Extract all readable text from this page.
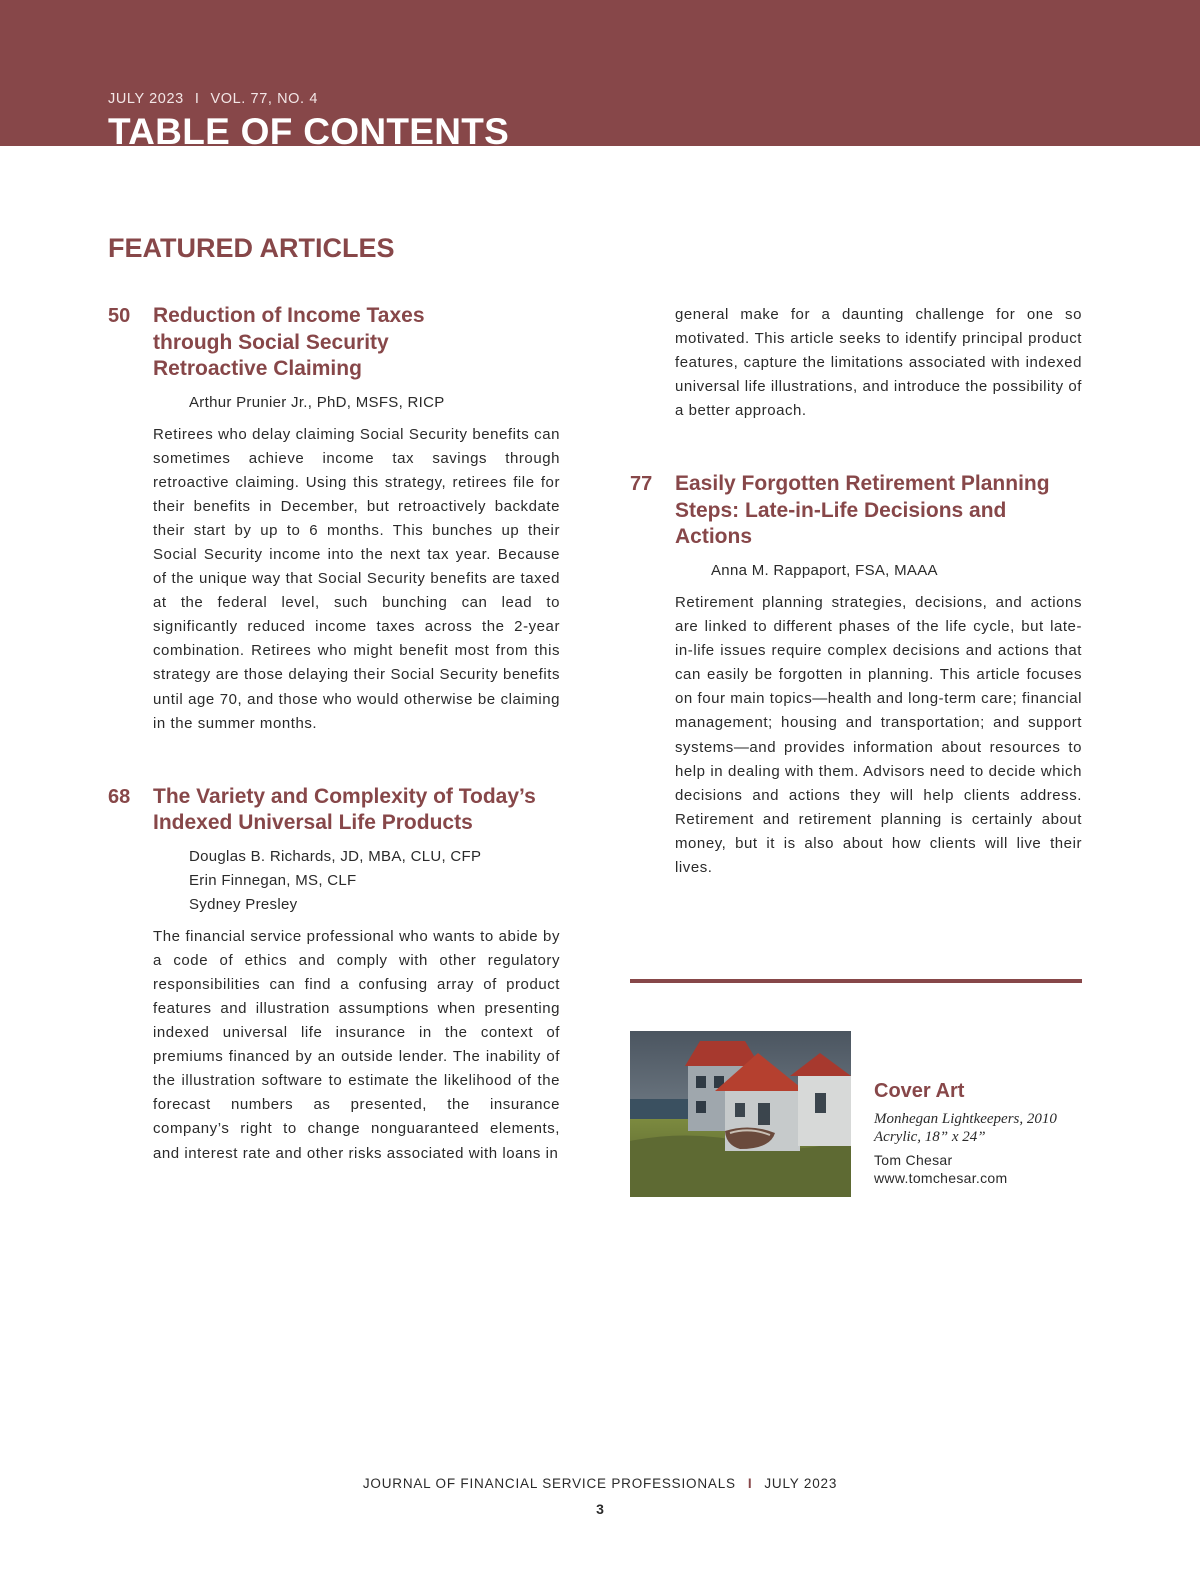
JULY 2023 I VOL. 77, NO. 4
TABLE OF CONTENTS
FEATURED ARTICLES
50 Reduction of Income Taxes through Social Security Retroactive Claiming
Arthur Prunier Jr., PhD, MSFS, RICP

Retirees who delay claiming Social Security benefits can sometimes achieve income tax savings through retroactive claiming. Using this strategy, retirees file for their benefits in December, but retroactively backdate their start by up to 6 months. This bunches up their Social Security income into the next tax year. Because of the unique way that Social Security benefits are taxed at the federal level, such bunching can lead to significantly reduced income taxes across the 2-year combination. Retirees who might benefit most from this strategy are those delaying their Social Security benefits until age 70, and those who would otherwise be claiming in the summer months.

68 The Variety and Complexity of Today’s Indexed Universal Life Products
Douglas B. Richards, JD, MBA, CLU, CFP
Erin Finnegan, MS, CLF
Sydney Presley

The financial service professional who wants to abide by a code of ethics and comply with other regulatory responsibilities can find a confusing array of product features and illustration assumptions when presenting indexed universal life insurance in the context of premiums financed by an outside lender. The inability of the illustration software to estimate the likelihood of the forecast numbers as presented, the insurance company’s right to change nonguaranteed elements, and interest rate and other risks associated with loans in

general make for a daunting challenge for one so motivated. This article seeks to identify principal product features, capture the limitations associated with indexed universal life illustrations, and introduce the possibility of a better approach.

77 Easily Forgotten Retirement Planning Steps: Late-in-Life Decisions and Actions
Anna M. Rappaport, FSA, MAAA

Retirement planning strategies, decisions, and actions are linked to different phases of the life cycle, but late-in-life issues require complex decisions and actions that can easily be forgotten in planning. This article focuses on four main topics—health and long-term care; financial management; housing and transportation; and support systems—and provides information about resources to help in dealing with them. Advisors need to decide which decisions and actions they will help clients address. Retirement and retirement planning is certainly about money, but it is also about how clients will live their lives.

Cover Art
Monhegan Lightkeepers, 2010
Acrylic, 18” x 24”
Tom Chesar
www.tomchesar.com
JOURNAL OF FINANCIAL SERVICE PROFESSIONALS I JULY 2023
3
